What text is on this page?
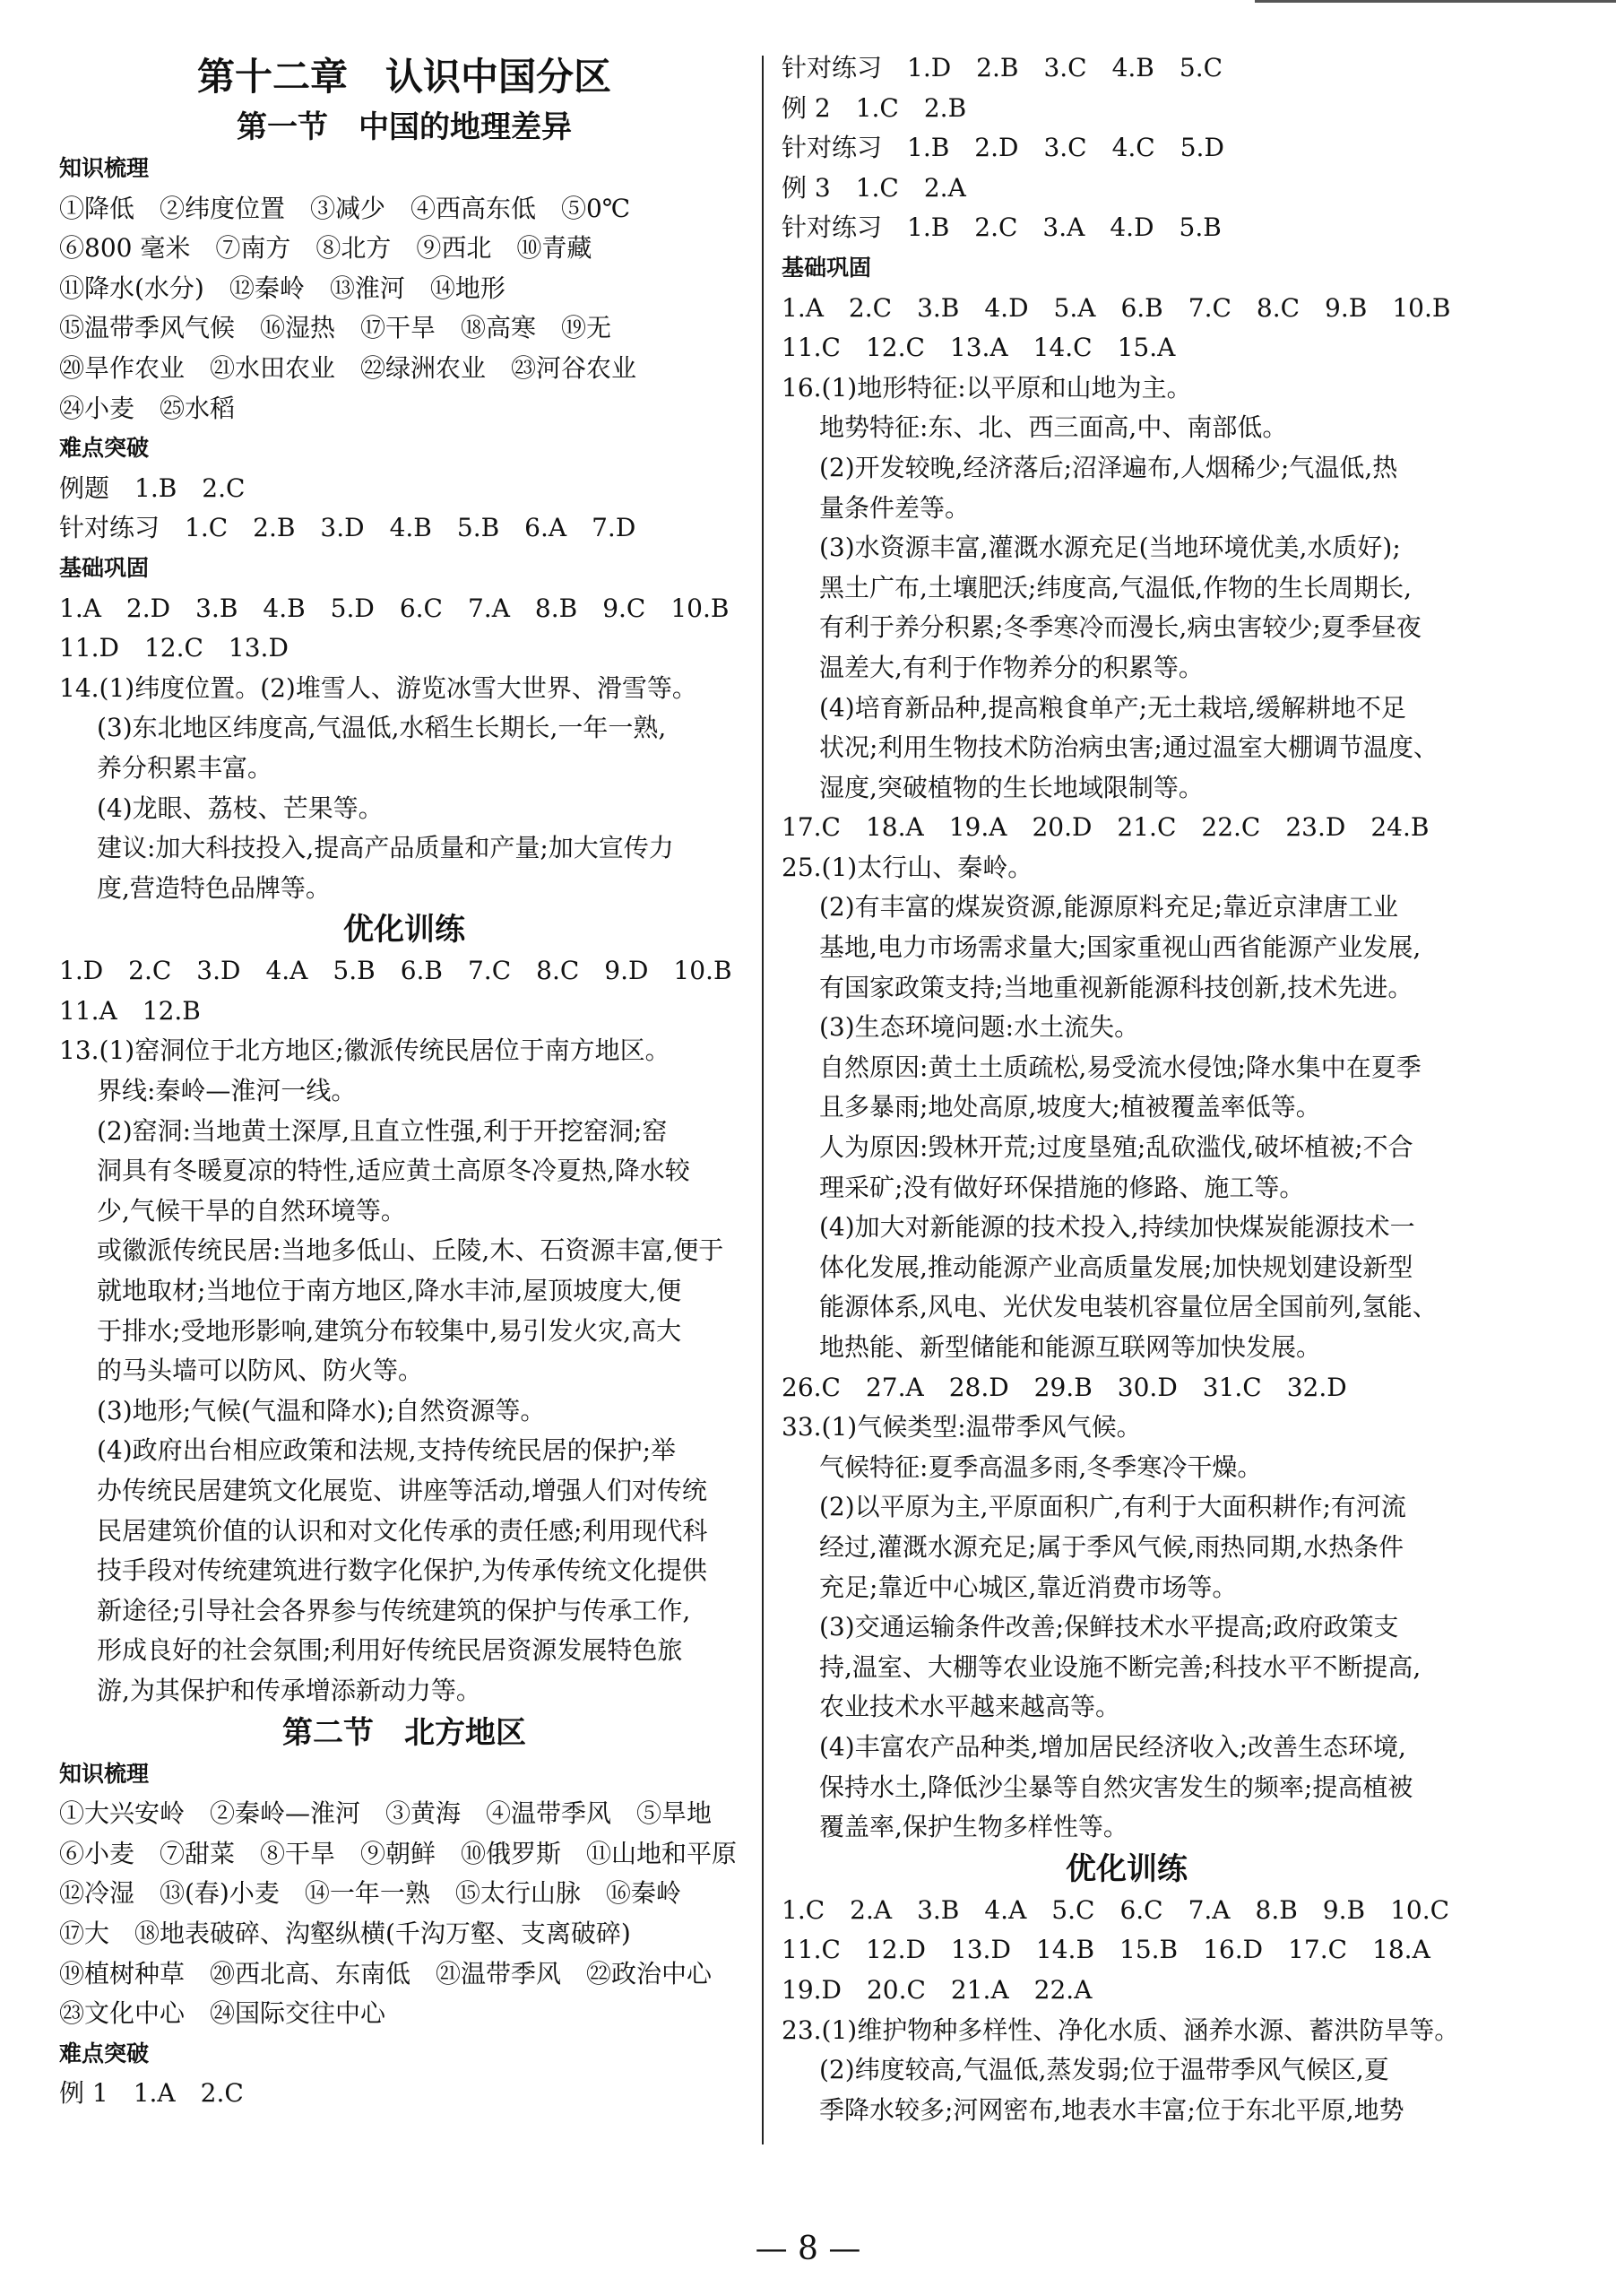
第十二章　认识中国分区
第一节　中国的地理差异
知识梳理
①降低　②纬度位置　③减少　④西高东低　⑤0℃
⑥800 毫米　⑦南方　⑧北方　⑨西北　⑩青藏
⑪降水(水分)　⑫秦岭　⑬淮河　⑭地形
⑮温带季风气候　⑯湿热　⑰干旱　⑱高寒　⑲无
⑳旱作农业　㉑水田农业　㉒绿洲农业　㉓河谷农业
㉔小麦　㉕水稻
难点突破
例题　1.B　2.C
针对练习　1.C　2.B　3.D　4.B　5.B　6.A　7.D
基础巩固
1.A　2.D　3.B　4.B　5.D　6.C　7.A　8.B　9.C　10.B
11.D　12.C　13.D
14.(1)纬度位置。(2)堆雪人、游览冰雪大世界、滑雪等。
(3)东北地区纬度高,气温低,水稻生长期长,一年一熟,
养分积累丰富。
(4)龙眼、荔枝、芒果等。
建议:加大科技投入,提高产品质量和产量;加大宣传力
度,营造特色品牌等。
优化训练
1.D　2.C　3.D　4.A　5.B　6.B　7.C　8.C　9.D　10.B
11.A　12.B
13.(1)窑洞位于北方地区;徽派传统民居位于南方地区。
界线:秦岭—淮河一线。
(2)窑洞:当地黄土深厚,且直立性强,利于开挖窑洞;窑
洞具有冬暖夏凉的特性,适应黄土高原冬冷夏热,降水较
少,气候干旱的自然环境等。
或徽派传统民居:当地多低山、丘陵,木、石资源丰富,便于
就地取材;当地位于南方地区,降水丰沛,屋顶坡度大,便
于排水;受地形影响,建筑分布较集中,易引发火灾,高大
的马头墙可以防风、防火等。
(3)地形;气候(气温和降水);自然资源等。
(4)政府出台相应政策和法规,支持传统民居的保护;举
办传统民居建筑文化展览、讲座等活动,增强人们对传统
民居建筑价值的认识和对文化传承的责任感;利用现代科
技手段对传统建筑进行数字化保护,为传承传统文化提供
新途径;引导社会各界参与传统建筑的保护与传承工作,
形成良好的社会氛围;利用好传统民居资源发展特色旅
游,为其保护和传承增添新动力等。
第二节　北方地区
知识梳理
①大兴安岭　②秦岭—淮河　③黄海　④温带季风　⑤旱地
⑥小麦　⑦甜菜　⑧干旱　⑨朝鲜　⑩俄罗斯　⑪山地和平原
⑫冷湿　⑬(春)小麦　⑭一年一熟　⑮太行山脉　⑯秦岭
⑰大　⑱地表破碎、沟壑纵横(千沟万壑、支离破碎)
⑲植树种草　⑳西北高、东南低　㉑温带季风　㉒政治中心
㉓文化中心　㉔国际交往中心
难点突破
例 1　1.A　2.C
针对练习　1.D　2.B　3.C　4.B　5.C
例 2　1.C　2.B
针对练习　1.B　2.D　3.C　4.C　5.D
例 3　1.C　2.A
针对练习　1.B　2.C　3.A　4.D　5.B
基础巩固
1.A　2.C　3.B　4.D　5.A　6.B　7.C　8.C　9.B　10.B
11.C　12.C　13.A　14.C　15.A
16.(1)地形特征:以平原和山地为主。
地势特征:东、北、西三面高,中、南部低。
(2)开发较晚,经济落后;沼泽遍布,人烟稀少;气温低,热
量条件差等。
(3)水资源丰富,灌溉水源充足(当地环境优美,水质好);
黑土广布,土壤肥沃;纬度高,气温低,作物的生长周期长,
有利于养分积累;冬季寒冷而漫长,病虫害较少;夏季昼夜
温差大,有利于作物养分的积累等。
(4)培育新品种,提高粮食单产;无土栽培,缓解耕地不足
状况;利用生物技术防治病虫害;通过温室大棚调节温度、
湿度,突破植物的生长地域限制等。
17.C　18.A　19.A　20.D　21.C　22.C　23.D　24.B
25.(1)太行山、秦岭。
(2)有丰富的煤炭资源,能源原料充足;靠近京津唐工业
基地,电力市场需求量大;国家重视山西省能源产业发展,
有国家政策支持;当地重视新能源科技创新,技术先进。
(3)生态环境问题:水土流失。
自然原因:黄土土质疏松,易受流水侵蚀;降水集中在夏季
且多暴雨;地处高原,坡度大;植被覆盖率低等。
人为原因:毁林开荒;过度垦殖;乱砍滥伐,破坏植被;不合
理采矿;没有做好环保措施的修路、施工等。
(4)加大对新能源的技术投入,持续加快煤炭能源技术一
体化发展,推动能源产业高质量发展;加快规划建设新型
能源体系,风电、光伏发电装机容量位居全国前列,氢能、
地热能、新型储能和能源互联网等加快发展。
26.C　27.A　28.D　29.B　30.D　31.C　32.D
33.(1)气候类型:温带季风气候。
气候特征:夏季高温多雨,冬季寒冷干燥。
(2)以平原为主,平原面积广,有利于大面积耕作;有河流
经过,灌溉水源充足;属于季风气候,雨热同期,水热条件
充足;靠近中心城区,靠近消费市场等。
(3)交通运输条件改善;保鲜技术水平提高;政府政策支
持,温室、大棚等农业设施不断完善;科技水平不断提高,
农业技术水平越来越高等。
(4)丰富农产品种类,增加居民经济收入;改善生态环境,
保持水土,降低沙尘暴等自然灾害发生的频率;提高植被
覆盖率,保护生物多样性等。
优化训练
1.C　2.A　3.B　4.A　5.C　6.C　7.A　8.B　9.B　10.C
11.C　12.D　13.D　14.B　15.B　16.D　17.C　18.A
19.D　20.C　21.A　22.A
23.(1)维护物种多样性、净化水质、涵养水源、蓄洪防旱等。
(2)纬度较高,气温低,蒸发弱;位于温带季风气候区,夏
季降水较多;河网密布,地表水丰富;位于东北平原,地势
— 8 —
